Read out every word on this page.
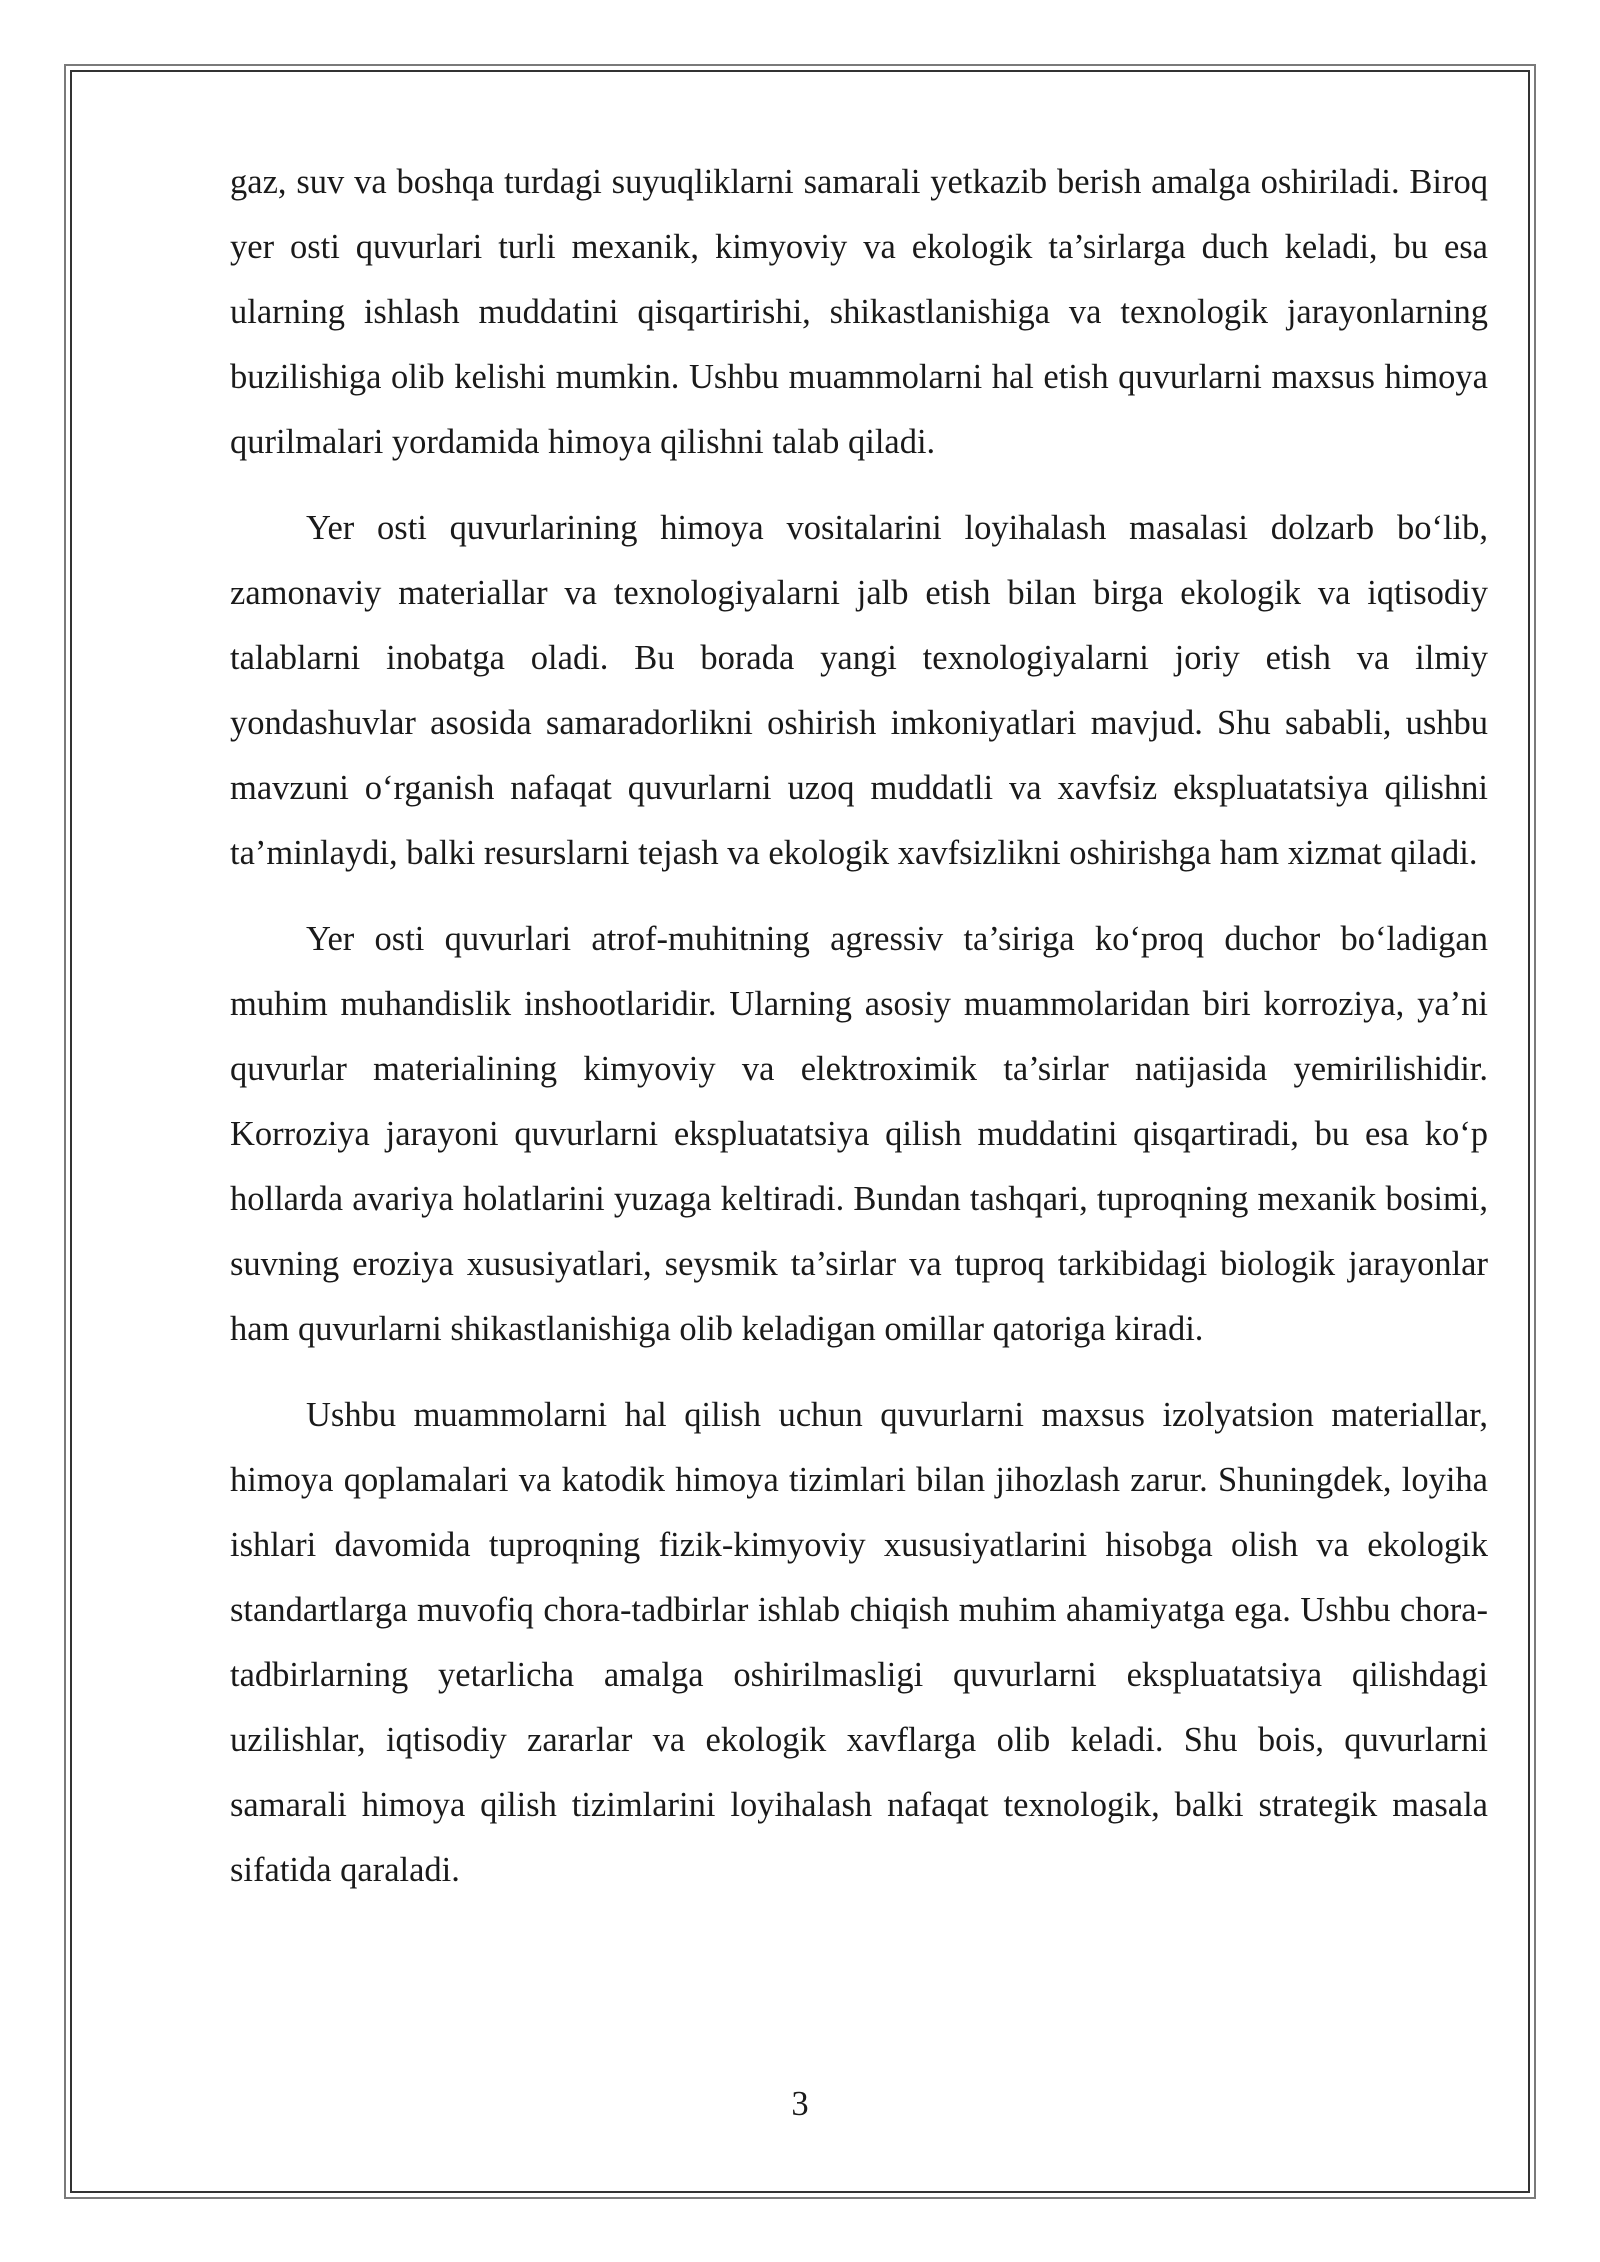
gaz, suv va boshqa turdagi suyuqliklarni samarali yetkazib berish amalga oshiriladi. Biroq yer osti quvurlari turli mexanik, kimyoviy va ekologik ta’sirlarga duch keladi, bu esa ularning ishlash muddatini qisqartirishi, shikastlanishiga va texnologik jarayonlarning buzilishiga olib kelishi mumkin. Ushbu muammolarni hal etish quvurlarni maxsus himoya qurilmalari yordamida himoya qilishni talab qiladi.

Yer osti quvurlarining himoya vositalarini loyihalash masalasi dolzarb bo‘lib, zamonaviy materiallar va texnologiyalarni jalb etish bilan birga ekologik va iqtisodiy talablarni inobatga oladi. Bu borada yangi texnologiyalarni joriy etish va ilmiy yondashuvlar asosida samaradorlikni oshirish imkoniyatlari mavjud. Shu sababli, ushbu mavzuni o‘rganish nafaqat quvurlarni uzoq muddatli va xavfsiz ekspluatatsiya qilishni ta’minlaydi, balki resurslarni tejash va ekologik xavfsizlikni oshirishga ham xizmat qiladi.

Yer osti quvurlari atrof-muhitning agressiv ta’siriga ko‘proq duchor bo‘ladigan muhim muhandislik inshootlaridir. Ularning asosiy muammolaridan biri korroziya, ya’ni quvurlar materialining kimyoviy va elektroximik ta’sirlar natijasida yemirilishidir. Korroziya jarayoni quvurlarni ekspluatatsiya qilish muddatini qisqartiradi, bu esa ko‘p hollarda avariya holatlarini yuzaga keltiradi. Bundan tashqari, tuproqning mexanik bosimi, suvning eroziya xususiyatlari, seysmik ta’sirlar va tuproq tarkibidagi biologik jarayonlar ham quvurlarni shikastlanishiga olib keladigan omillar qatoriga kiradi.

Ushbu muammolarni hal qilish uchun quvurlarni maxsus izolyatsion materiallar, himoya qoplamalari va katodik himoya tizimlari bilan jihozlash zarur. Shuningdek, loyiha ishlari davomida tuproqning fizik-kimyoviy xususiyatlarini hisobga olish va ekologik standartlarga muvofiq chora-tadbirlar ishlab chiqish muhim ahamiyatga ega. Ushbu chora-tadbirlarning yetarlicha amalga oshirilmasligi quvurlarni ekspluatatsiya qilishdagi uzilishlar, iqtisodiy zararlar va ekologik xavflarga olib keladi. Shu bois, quvurlarni samarali himoya qilish tizimlarini loyihalash nafaqat texnologik, balki strategik masala sifatida qaraladi.

3
